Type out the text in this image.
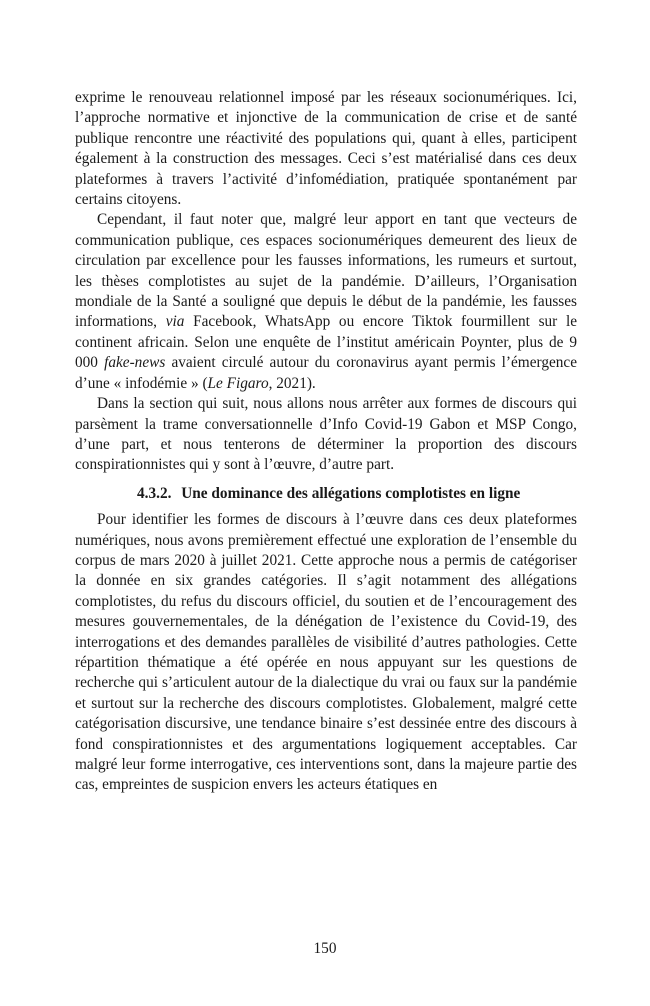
exprime le renouveau relationnel imposé par les réseaux socionumériques. Ici, l’approche normative et injonctive de la communication de crise et de santé publique rencontre une réactivité des populations qui, quant à elles, participent également à la construction des messages. Ceci s’est matérialisé dans ces deux plateformes à travers l’activité d’infomédiation, pratiquée spontanément par certains citoyens.

Cependant, il faut noter que, malgré leur apport en tant que vecteurs de communication publique, ces espaces socionumériques demeurent des lieux de circulation par excellence pour les fausses informations, les rumeurs et surtout, les thèses complotistes au sujet de la pandémie. D’ailleurs, l’Organisation mondiale de la Santé a souligné que depuis le début de la pandémie, les fausses informations, via Facebook, WhatsApp ou encore Tiktok fourmillent sur le continent africain. Selon une enquête de l’institut américain Poynter, plus de 9 000 fake-news avaient circulé autour du coronavirus ayant permis l’émergence d’une « infodémie » (Le Figaro, 2021).

Dans la section qui suit, nous allons nous arrêter aux formes de discours qui parsèment la trame conversationnelle d’Info Covid-19 Gabon et MSP Congo, d’une part, et nous tenterons de déterminer la proportion des discours conspirationnistes qui y sont à l’œuvre, d’autre part.

4.3.2. Une dominance des allégations complotistes en ligne

Pour identifier les formes de discours à l’œuvre dans ces deux plateformes numériques, nous avons premièrement effectué une exploration de l’ensemble du corpus de mars 2020 à juillet 2021. Cette approche nous a permis de catégoriser la donnée en six grandes catégories. Il s’agit notamment des allégations complotistes, du refus du discours officiel, du soutien et de l’encouragement des mesures gouvernementales, de la dénégation de l’existence du Covid-19, des interrogations et des demandes parallèles de visibilité d’autres pathologies. Cette répartition thématique a été opérée en nous appuyant sur les questions de recherche qui s’articulent autour de la dialectique du vrai ou faux sur la pandémie et surtout sur la recherche des discours complotistes. Globalement, malgré cette catégorisation discursive, une tendance binaire s’est dessinée entre des discours à fond conspirationnistes et des argumentations logiquement acceptables. Car malgré leur forme interrogative, ces interventions sont, dans la majeure partie des cas, empreintes de suspicion envers les acteurs étatiques en

150
